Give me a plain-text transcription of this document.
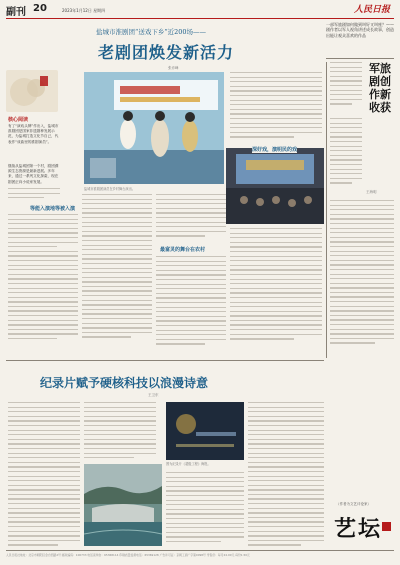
副刊 20	2023年1月12日 星期四	人民日报
盐城市淮剧团“送戏下乡”近200场——
老剧团焕发新活力
张乔峰
一部军旅剧如何做到叫好又叫座？——剧作者以军人视角讲述成长故事，创造出能让观众喜欢的作品
核心阅读
有了“演戏头牌”作出入，盐城市淮剧团是国家非遗剧种发展示范，为盐城打造文化节自己，代表作“戏曲里的淮剧演员”。
继续从盐城团第一个村，剧团溯源生态资源是最新进展。多年来，通过一系列文化探索，现在剧团正向小说家发展。
盐城市淮剧团演员在乡村舞台演出。
深好戏，演明民的戏
最富灵的舞台在农村
等能入演地等被入演
军旅剧创作新收获
王海明
纪录片赋予硬核科技以浪漫诗意
王卫东
图为纪录片《超级工程》海报。
（作者为文艺评论家）
艺坛
人民日报社地址：北京市朝阳区金台西路2号 邮政编码：100733 电话查询台：65368114 印刷质量监督电话：65369128 广告许可证：京朝工商广字第0098号 零售价：每月24.00元 每份1.50元
